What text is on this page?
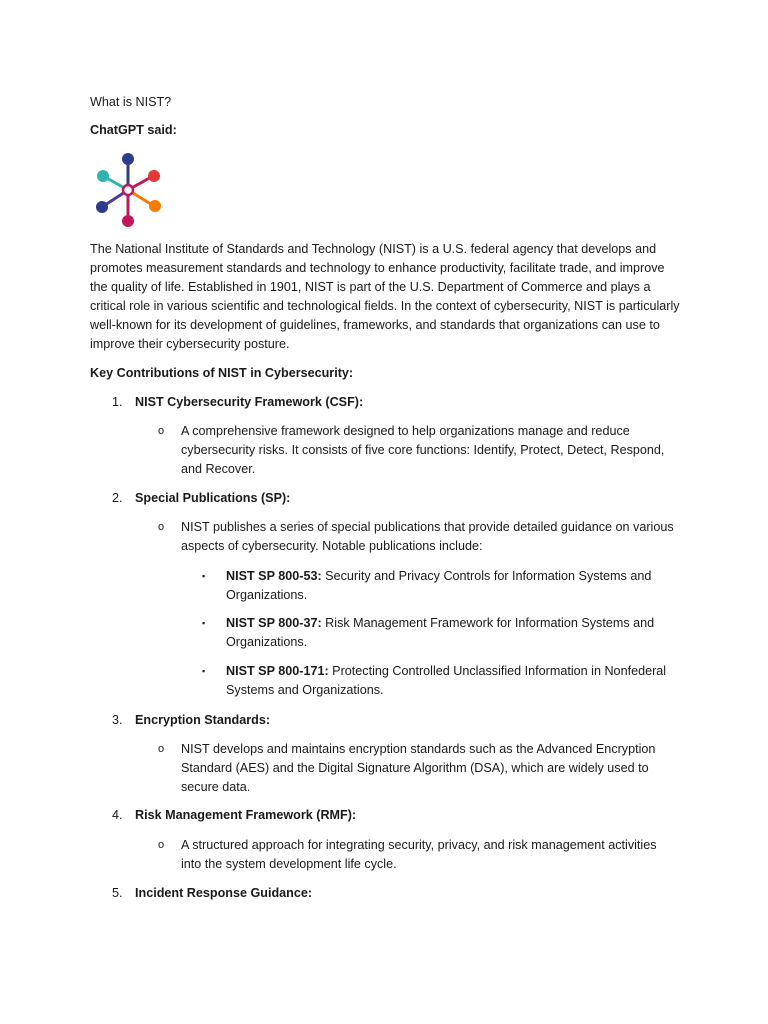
What is NIST?

ChatGPT said:

The National Institute of Standards and Technology (NIST) is a U.S. federal agency that develops and promotes measurement standards and technology to enhance productivity, facilitate trade, and improve the quality of life. Established in 1901, NIST is part of the U.S. Department of Commerce and plays a critical role in various scientific and technological fields. In the context of cybersecurity, NIST is particularly well-known for its development of guidelines, frameworks, and standards that organizations can use to improve their cybersecurity posture.

Key Contributions of NIST in Cybersecurity:

1. NIST Cybersecurity Framework (CSF):
o	A comprehensive framework designed to help organizations manage and reduce cybersecurity risks. It consists of five core functions: Identify, Protect, Detect, Respond, and Recover.
2. Special Publications (SP):
o	NIST publishes a series of special publications that provide detailed guidance on various aspects of cybersecurity. Notable publications include:
▪	NIST SP 800-53: Security and Privacy Controls for Information Systems and Organizations.
▪	NIST SP 800-37: Risk Management Framework for Information Systems and Organizations.
▪	NIST SP 800-171: Protecting Controlled Unclassified Information in Nonfederal Systems and Organizations.
3. Encryption Standards:
o	NIST develops and maintains encryption standards such as the Advanced Encryption Standard (AES) and the Digital Signature Algorithm (DSA), which are widely used to secure data.
4. Risk Management Framework (RMF):
o	A structured approach for integrating security, privacy, and risk management activities into the system development life cycle.
5. Incident Response Guidance:
